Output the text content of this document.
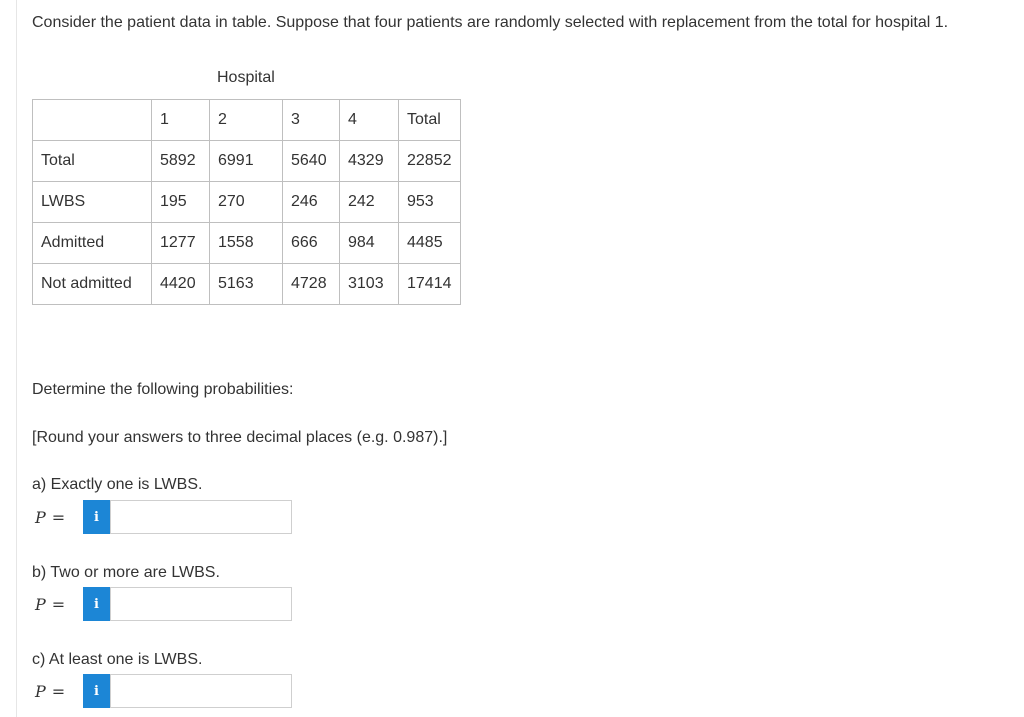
Consider the patient data in table. Suppose that four patients are randomly selected with replacement from the total for hospital 1.
Hospital
	1	2	3	4	Total
Total	5892	6991	5640	4329	22852
LWBS	195	270	246	242	953
Admitted	1277	1558	666	984	4485
Not admitted	4420	5163	4728	3103	17414
Determine the following probabilities:
[Round your answers to three decimal places (e.g. 0.987).]
a) Exactly one is LWBS.
P =	i
b) Two or more are LWBS.
P =	i
c) At least one is LWBS.
P =	i
